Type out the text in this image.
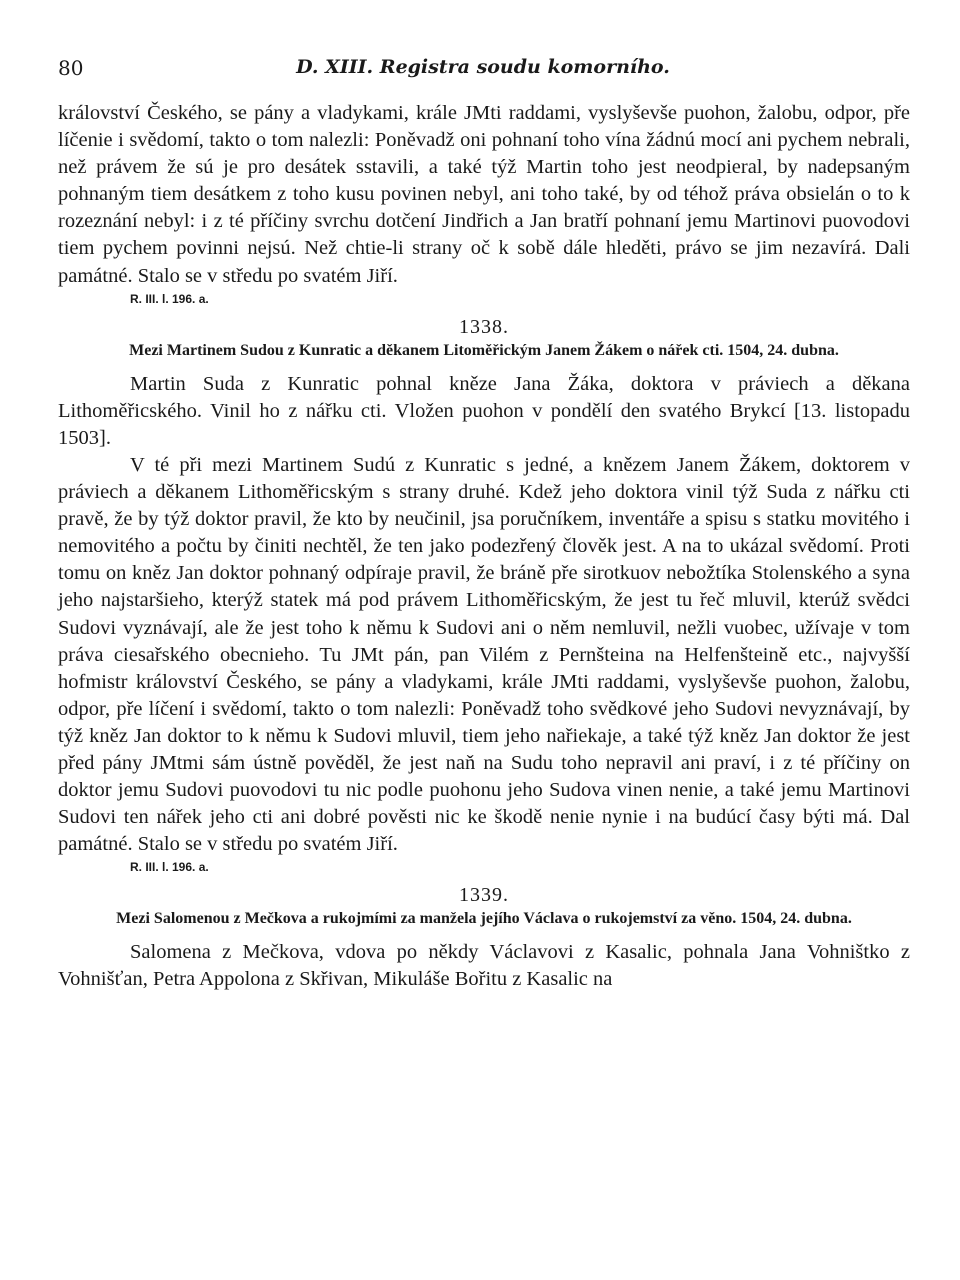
80	D. XIII. Registra soudu komorního.

království Českého, se pány a vladykami, krále JMti raddami, vyslyševše puohon, žalobu, odpor, pře líčenie i svědomí, takto o tom nalezli: Poněvadž oni pohnaní toho vína žádnú mocí ani pychem nebrali, než právem že sú je pro desátek sstavili, a také týž Martin toho jest neodpieral, by nadepsaným pohnaným tiem desátkem z toho kusu povinen nebyl, ani toho také, by od téhož práva obsielán o to k rozeznání nebyl: i z té příčiny svrchu dotčení Jindřich a Jan bratří pohnaní jemu Martinovi puovodovi tiem pychem povinni nejsú. Než chtie-li strany oč k sobě dále hleděti, právo se jim nezavírá. Dali památné. Stalo se v středu po svatém Jiří.

R. III. l. 196. a.
1338.
Mezi Martinem Sudou z Kunratic a děkanem Litoměřickým Janem Žákem o nářek cti. 1504, 24. dubna.

Martin Suda z Kunratic pohnal kněze Jana Žáka, doktora v práviech a děkana Lithoměřicského. Vinil ho z nářku cti. Vložen puohon v pondělí den svatého Brykcí [13. listopadu 1503].

V té při mezi Martinem Sudú z Kunratic s jedné, a knězem Janem Žákem, doktorem v práviech a děkanem Lithoměřicským s strany druhé. Kdež jeho doktora vinil týž Suda z nářku cti pravě, že by týž doktor pravil, že kto by neučinil, jsa poručníkem, inventáře a spisu s statku movitého i nemovitého a počtu by činiti nechtěl, že ten jako podezřený člověk jest. A na to ukázal svědomí. Proti tomu on kněz Jan doktor pohnaný odpíraje pravil, že bráně pře sirotkuov nebožtíka Stolenského a syna jeho najstaršieho, kterýž statek má pod právem Lithoměřicským, že jest tu řeč mluvil, kterúž svědci Sudovi vyznávají, ale že jest toho k němu k Sudovi ani o něm nemluvil, nežli vuobec, užívaje v tom práva ciesařského obecnieho. Tu JMt pán, pan Vilém z Pernšteina na Helfenšteině etc., najvyšší hofmistr království Českého, se pány a vladykami, krále JMti raddami, vyslyševše puohon, žalobu, odpor, pře líčení i svědomí, takto o tom nalezli: Poněvadž toho svědkové jeho Sudovi nevyznávají, by týž kněz Jan doktor to k němu k Sudovi mluvil, tiem jeho nařiekaje, a také týž kněz Jan doktor že jest před pány JMtmi sám ústně pověděl, že jest naň na Sudu toho nepravil ani praví, i z té příčiny on doktor jemu Sudovi puovodovi tu nic podle puohonu jeho Sudova vinen nenie, a také jemu Martinovi Sudovi ten nářek jeho cti ani dobré pověsti nic ke škodě nenie nynie i na budúcí časy býti má. Dal památné. Stalo se v středu po svatém Jiří.

R. III. l. 196. a.
1339.
Mezi Salomenou z Mečkova a rukojmími za manžela jejího Václava o rukojemství za věno. 1504, 24. dubna.

Salomena z Mečkova, vdova po někdy Václavovi z Kasalic, pohnala Jana Vohništko z Vohnišťan, Petra Appolona z Skřivan, Mikuláše Bořitu z Kasalic na
